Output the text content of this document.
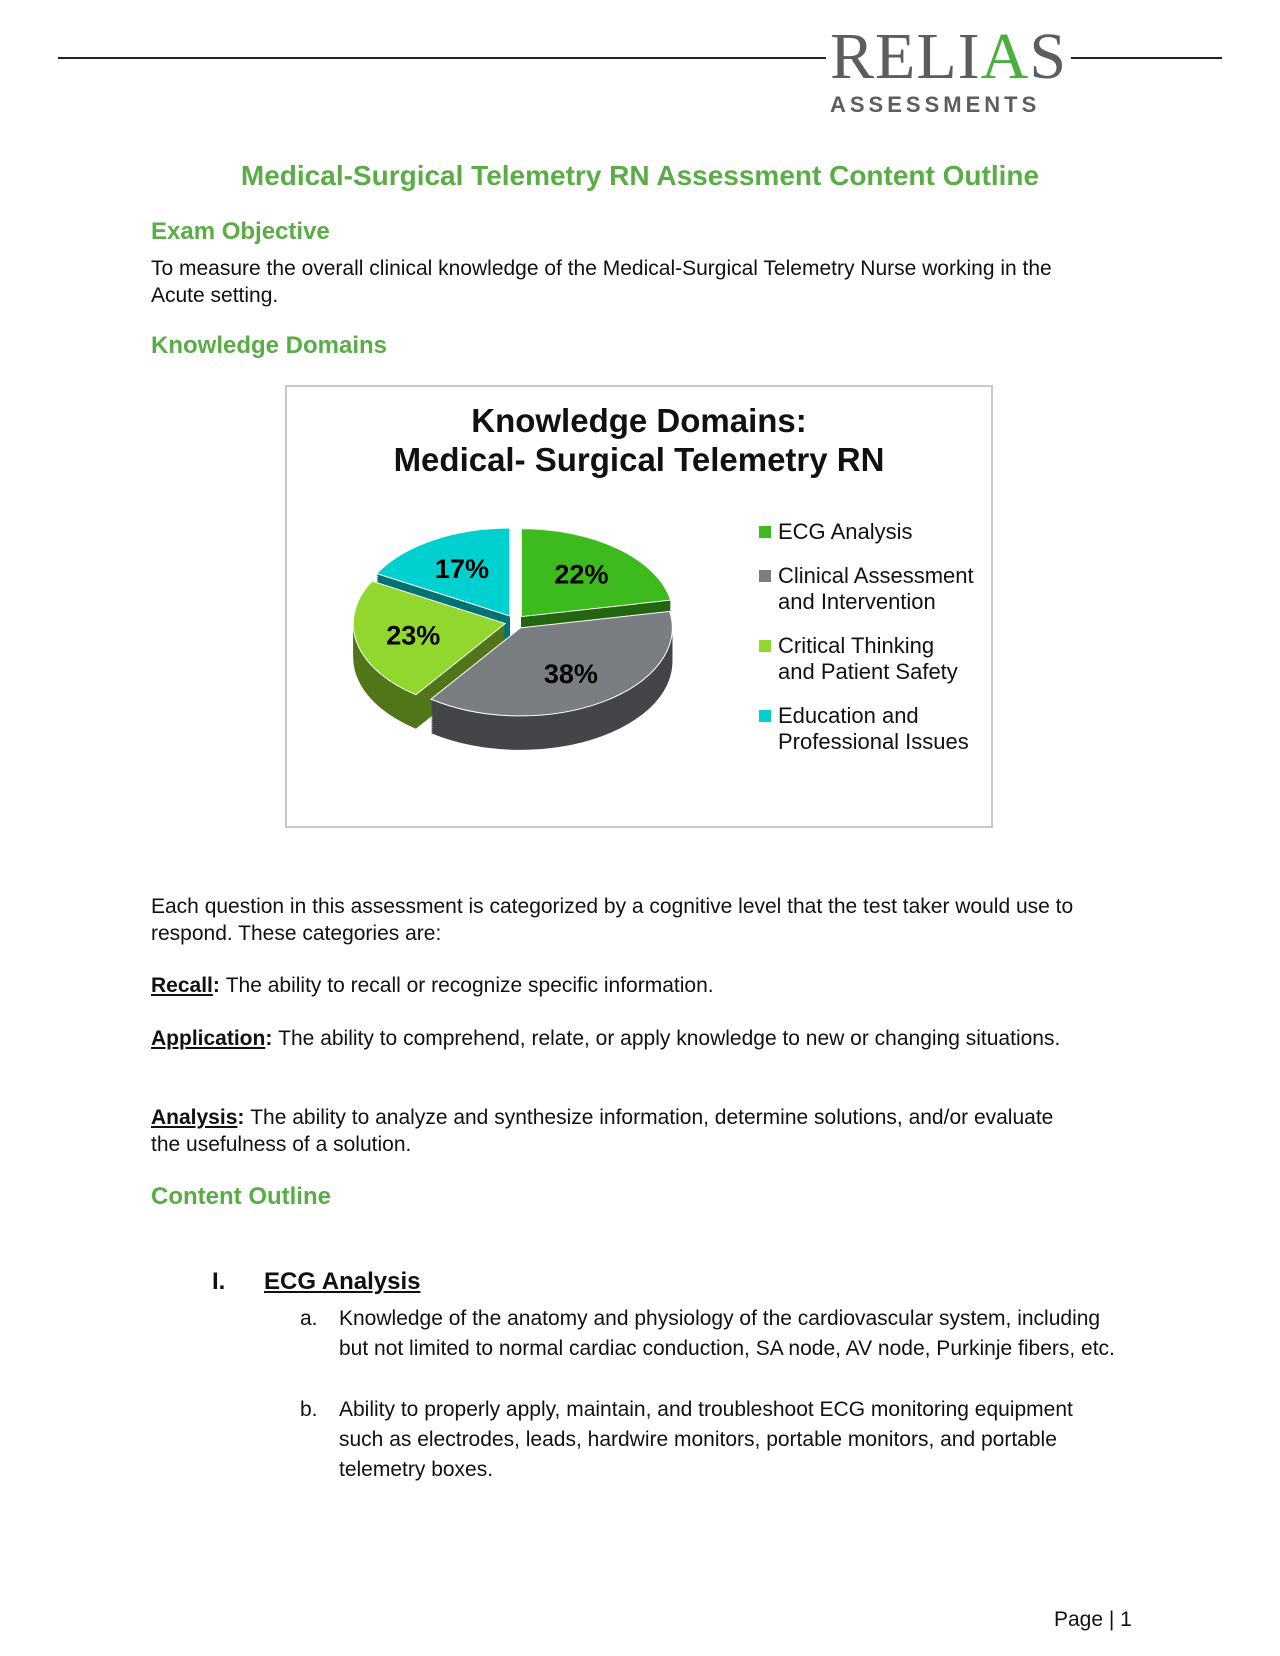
RELIAS
ASSESSMENTS
Medical-Surgical Telemetry RN Assessment Content Outline
Exam Objective
To measure the overall clinical knowledge of the Medical-Surgical Telemetry Nurse working in the Acute setting.
Knowledge Domains
Knowledge Domains:
Medical- Surgical Telemetry RN
22%
38%
23%
17%
ECG Analysis
Clinical Assessment
and Intervention
Critical Thinking
and Patient Safety
Education and
Professional Issues
Each question in this assessment is categorized by a cognitive level that the test taker would use to respond. These categories are:
Recall: The ability to recall or recognize specific information.
Application: The ability to comprehend, relate, or apply knowledge to new or changing situations.
Analysis: The ability to analyze and synthesize information, determine solutions, and/or evaluate the usefulness of a solution.
Content Outline
I. ECG Analysis
a. Knowledge of the anatomy and physiology of the cardiovascular system, including but not limited to normal cardiac conduction, SA node, AV node, Purkinje fibers, etc.
b. Ability to properly apply, maintain, and troubleshoot ECG monitoring equipment such as electrodes, leads, hardwire monitors, portable monitors, and portable telemetry boxes.
Page | 1
